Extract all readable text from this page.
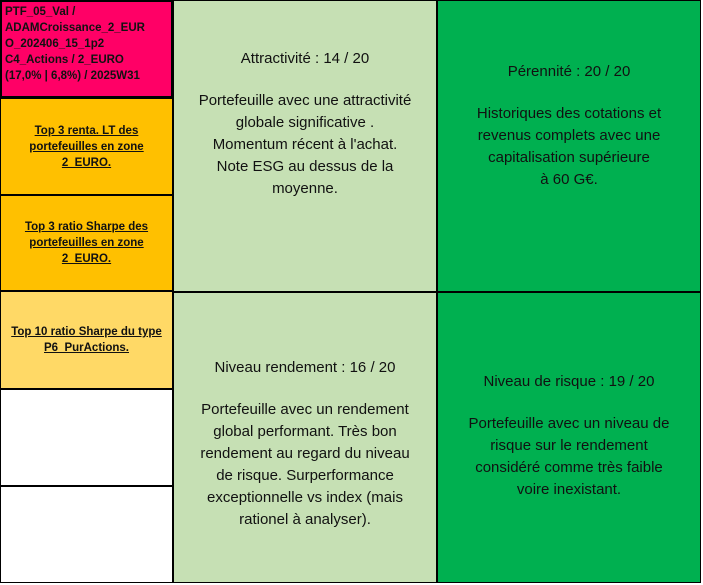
PTF_05_Val /
ADAMCroissance_2_EUR
O_202406_15_1p2
C4_Actions / 2_EURO
(17,0% | 6,8%) / 2025W31
Top 3 renta. LT des portefeuilles en zone 2_EURO.
Top 3 ratio Sharpe des portefeuilles en zone 2_EURO.
Top 10 ratio Sharpe du type P6_PurActions.
Attractivité : 14 / 20
Portefeuille avec une attractivité
globale significative .
Momentum récent à l'achat.
Note ESG au dessus de la
moyenne.
Pérennité : 20 / 20
Historiques des cotations et
revenus complets avec une
capitalisation supérieure
à 60 G€.
Niveau rendement : 16 / 20
Portefeuille avec un rendement
global performant. Très bon
rendement au regard du niveau
de risque. Surperformance
exceptionnelle vs index (mais
rationel à analyser).
Niveau de risque : 19 / 20
Portefeuille avec un niveau de
risque sur le rendement
considéré comme très faible
voire inexistant.
